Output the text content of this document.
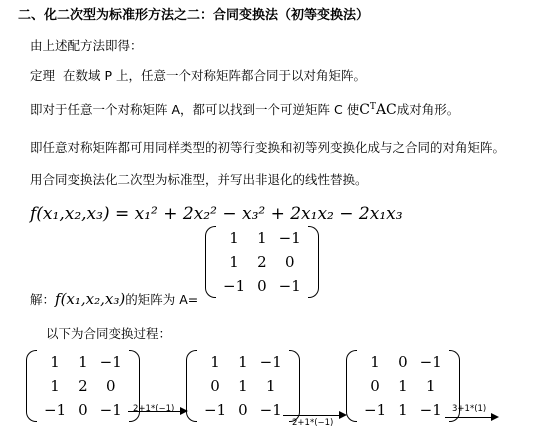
二、化二次型为标准形方法之二：合同变换法（初等变换法）
由上述配方法即得：
定理 在数域 P 上，任意一个对称矩阵都合同于以对角矩阵。
即对于任意一个对称矩阵 A，都可以找到一个可逆矩阵 C 使$C^TAC$成对角形。
即任意对称矩阵都可用同样类型的初等行变换和初等列变换化成与之合同的对角矩阵。
用合同变换法化二次型为标准型，并写出非退化的线性替换。
f(x₁,x₂,x₃) = x₁² + 2x₂² − x₃² + 2x₁x₂ − 2x₁x₃
1	1	−1
1	2	0
−1	0	−1
解：f(x₁,x₂,x₃)的矩阵为 A=
以下为合同变换过程：
1	1	−1
1	2	0
−1	0	−1 2+1*(−1)
1	1	−1
0	1	1
−1	0	−1
2+1*(−1)
1	0	−1
0	1	1
−1	1	−1 3+1*(1)
